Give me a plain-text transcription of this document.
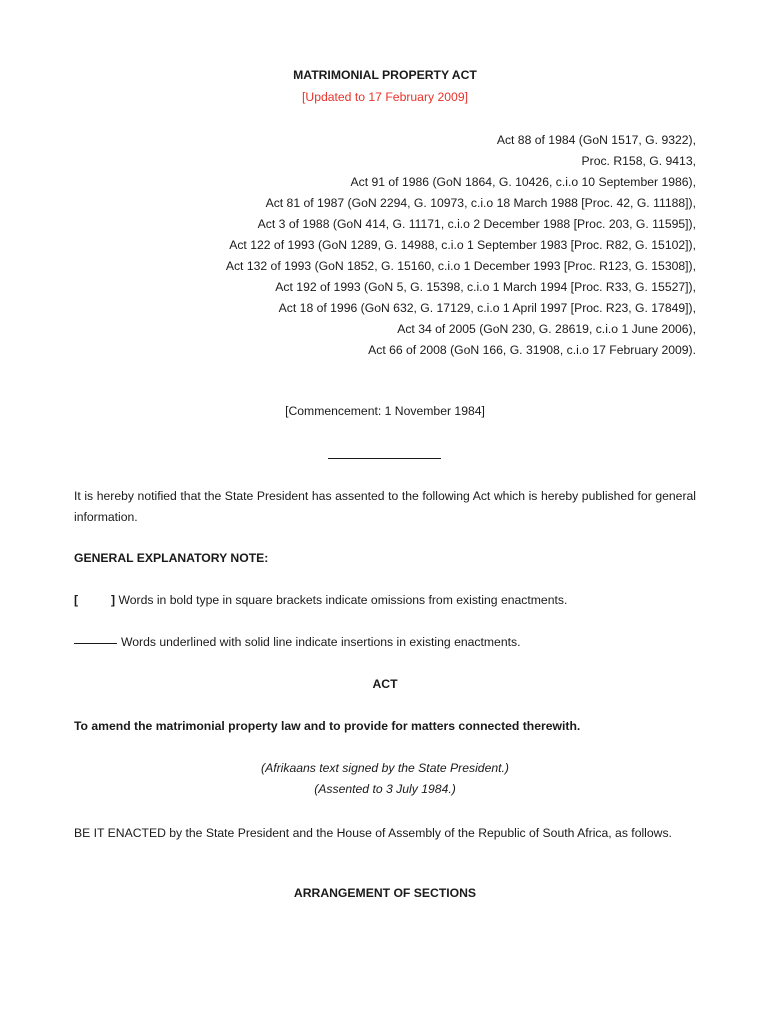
MATRIMONIAL PROPERTY ACT
[Updated to 17 February 2009]
Act 88 of 1984 (GoN 1517, G. 9322),
Proc. R158, G. 9413,
Act 91 of 1986 (GoN 1864, G. 10426, c.i.o 10 September 1986),
Act 81 of 1987 (GoN 2294, G. 10973, c.i.o 18 March 1988 [Proc. 42, G. 11188]),
Act 3 of 1988 (GoN 414, G. 11171, c.i.o 2 December 1988 [Proc. 203, G. 11595]),
Act 122 of 1993 (GoN 1289, G. 14988, c.i.o 1 September 1983 [Proc. R82, G. 15102]),
Act 132 of 1993 (GoN 1852, G. 15160, c.i.o 1 December 1993 [Proc. R123, G. 15308]),
Act 192 of 1993 (GoN 5, G. 15398, c.i.o 1 March 1994 [Proc. R33, G. 15527]),
Act 18 of 1996 (GoN 632, G. 17129, c.i.o 1 April 1997 [Proc. R23, G. 17849]),
Act 34 of 2005 (GoN 230, G. 28619, c.i.o 1 June 2006),
Act 66 of 2008 (GoN 166, G. 31908, c.i.o 17 February 2009).
[Commencement: 1 November 1984]
It is hereby notified that the State President has assented to the following Act which is hereby published for general information.
GENERAL EXPLANATORY NOTE:
[	] Words in bold type in square brackets indicate omissions from existing enactments.
Words underlined with solid line indicate insertions in existing enactments.
ACT
To amend the matrimonial property law and to provide for matters connected therewith.
(Afrikaans text signed by the State President.)
(Assented to 3 July 1984.)
BE IT ENACTED by the State President and the House of Assembly of the Republic of South Africa, as follows.
ARRANGEMENT OF SECTIONS
